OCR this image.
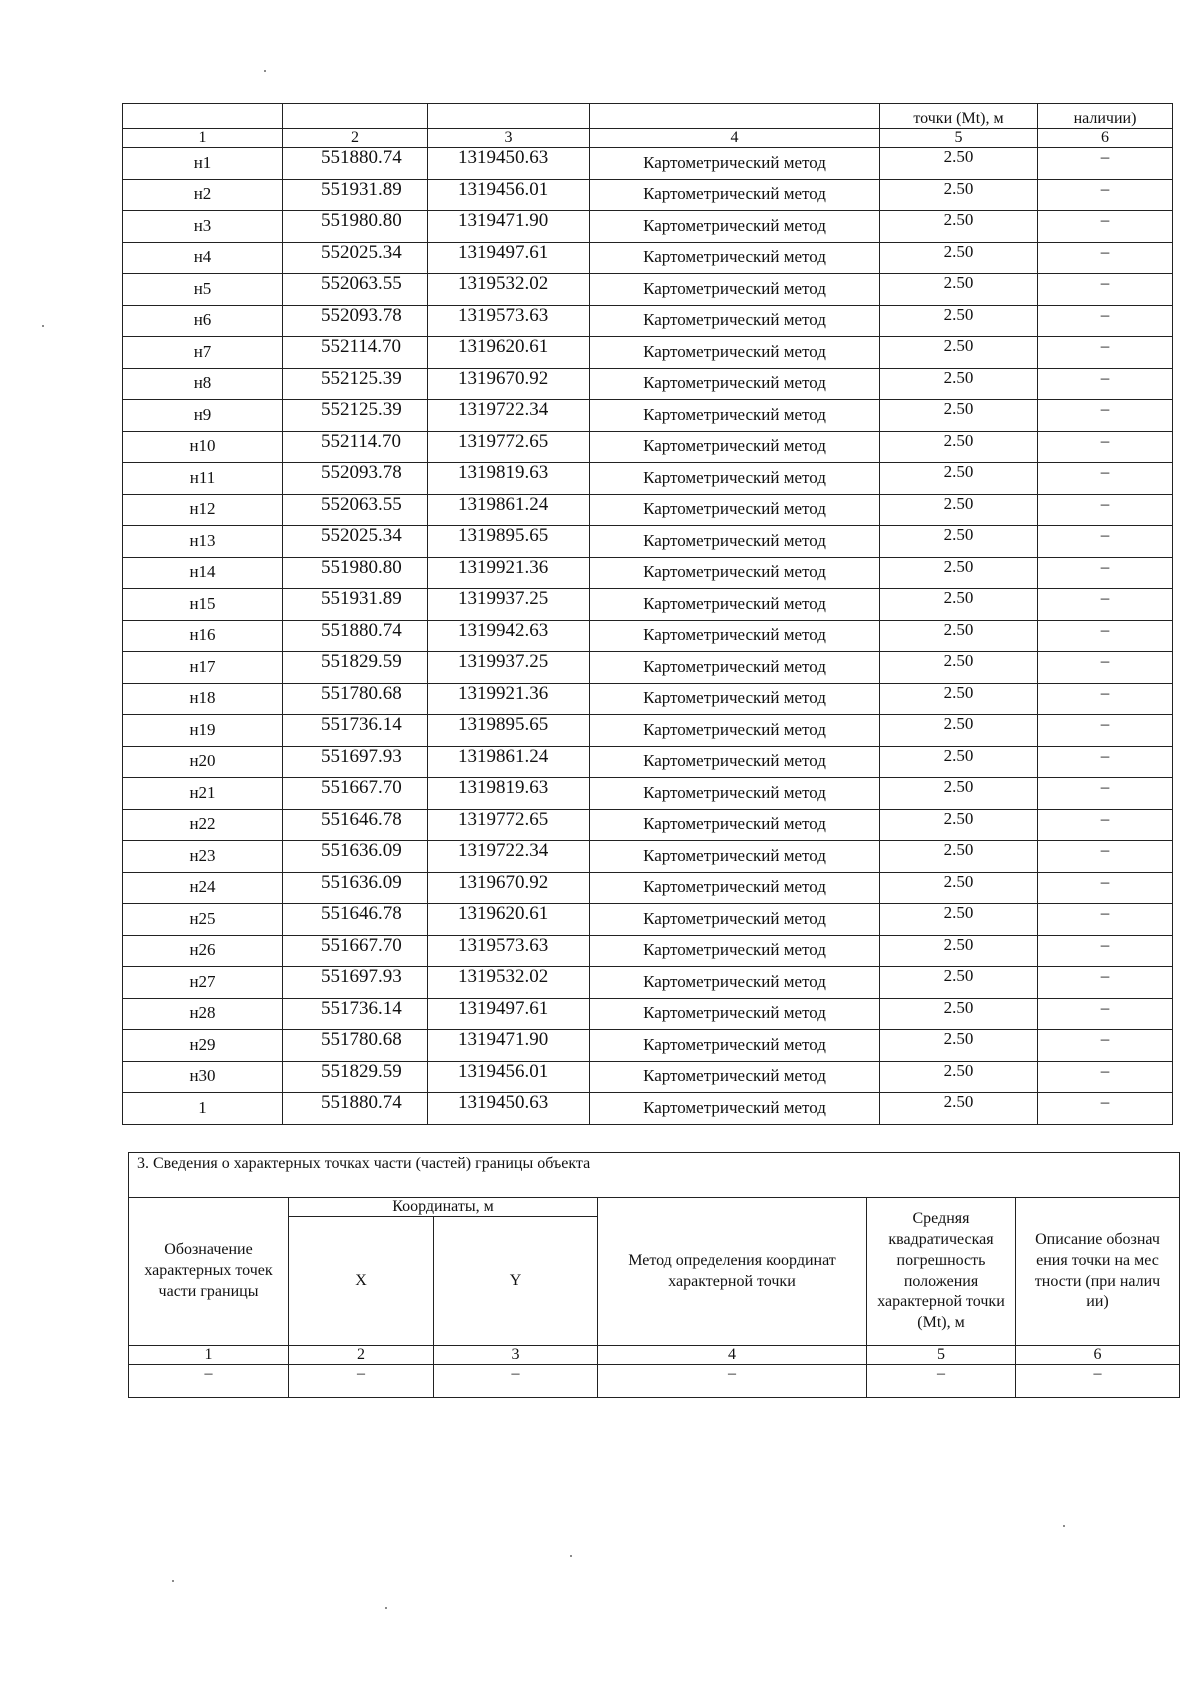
				точки (Mt), м	наличии)
1	2	3	4	5	6
н1	551880.74	1319450.63	Картометрический метод	2.50	–
н2	551931.89	1319456.01	Картометрический метод	2.50	–
н3	551980.80	1319471.90	Картометрический метод	2.50	–
н4	552025.34	1319497.61	Картометрический метод	2.50	–
н5	552063.55	1319532.02	Картометрический метод	2.50	–
н6	552093.78	1319573.63	Картометрический метод	2.50	–
н7	552114.70	1319620.61	Картометрический метод	2.50	–
н8	552125.39	1319670.92	Картометрический метод	2.50	–
н9	552125.39	1319722.34	Картометрический метод	2.50	–
н10	552114.70	1319772.65	Картометрический метод	2.50	–
н11	552093.78	1319819.63	Картометрический метод	2.50	–
н12	552063.55	1319861.24	Картометрический метод	2.50	–
н13	552025.34	1319895.65	Картометрический метод	2.50	–
н14	551980.80	1319921.36	Картометрический метод	2.50	–
н15	551931.89	1319937.25	Картометрический метод	2.50	–
н16	551880.74	1319942.63	Картометрический метод	2.50	–
н17	551829.59	1319937.25	Картометрический метод	2.50	–
н18	551780.68	1319921.36	Картометрический метод	2.50	–
н19	551736.14	1319895.65	Картометрический метод	2.50	–
н20	551697.93	1319861.24	Картометрический метод	2.50	–
н21	551667.70	1319819.63	Картометрический метод	2.50	–
н22	551646.78	1319772.65	Картометрический метод	2.50	–
н23	551636.09	1319722.34	Картометрический метод	2.50	–
н24	551636.09	1319670.92	Картометрический метод	2.50	–
н25	551646.78	1319620.61	Картометрический метод	2.50	–
н26	551667.70	1319573.63	Картометрический метод	2.50	–
н27	551697.93	1319532.02	Картометрический метод	2.50	–
н28	551736.14	1319497.61	Картометрический метод	2.50	–
н29	551780.68	1319471.90	Картометрический метод	2.50	–
н30	551829.59	1319456.01	Картометрический метод	2.50	–
1	551880.74	1319450.63	Картометрический метод	2.50	–
3. Сведения о характерных точках части (частей) границы объекта					
Обозначение характерных точек части границы	Координаты, м		Метод определения координат характерной точки	Средняя квадратическая погрешность положения характерной точки (Mt), м	Описание обозначения точки на местности (при наличии)
	X	Y			
1	2	3	4	5	6
–	–	–	–	–	–
